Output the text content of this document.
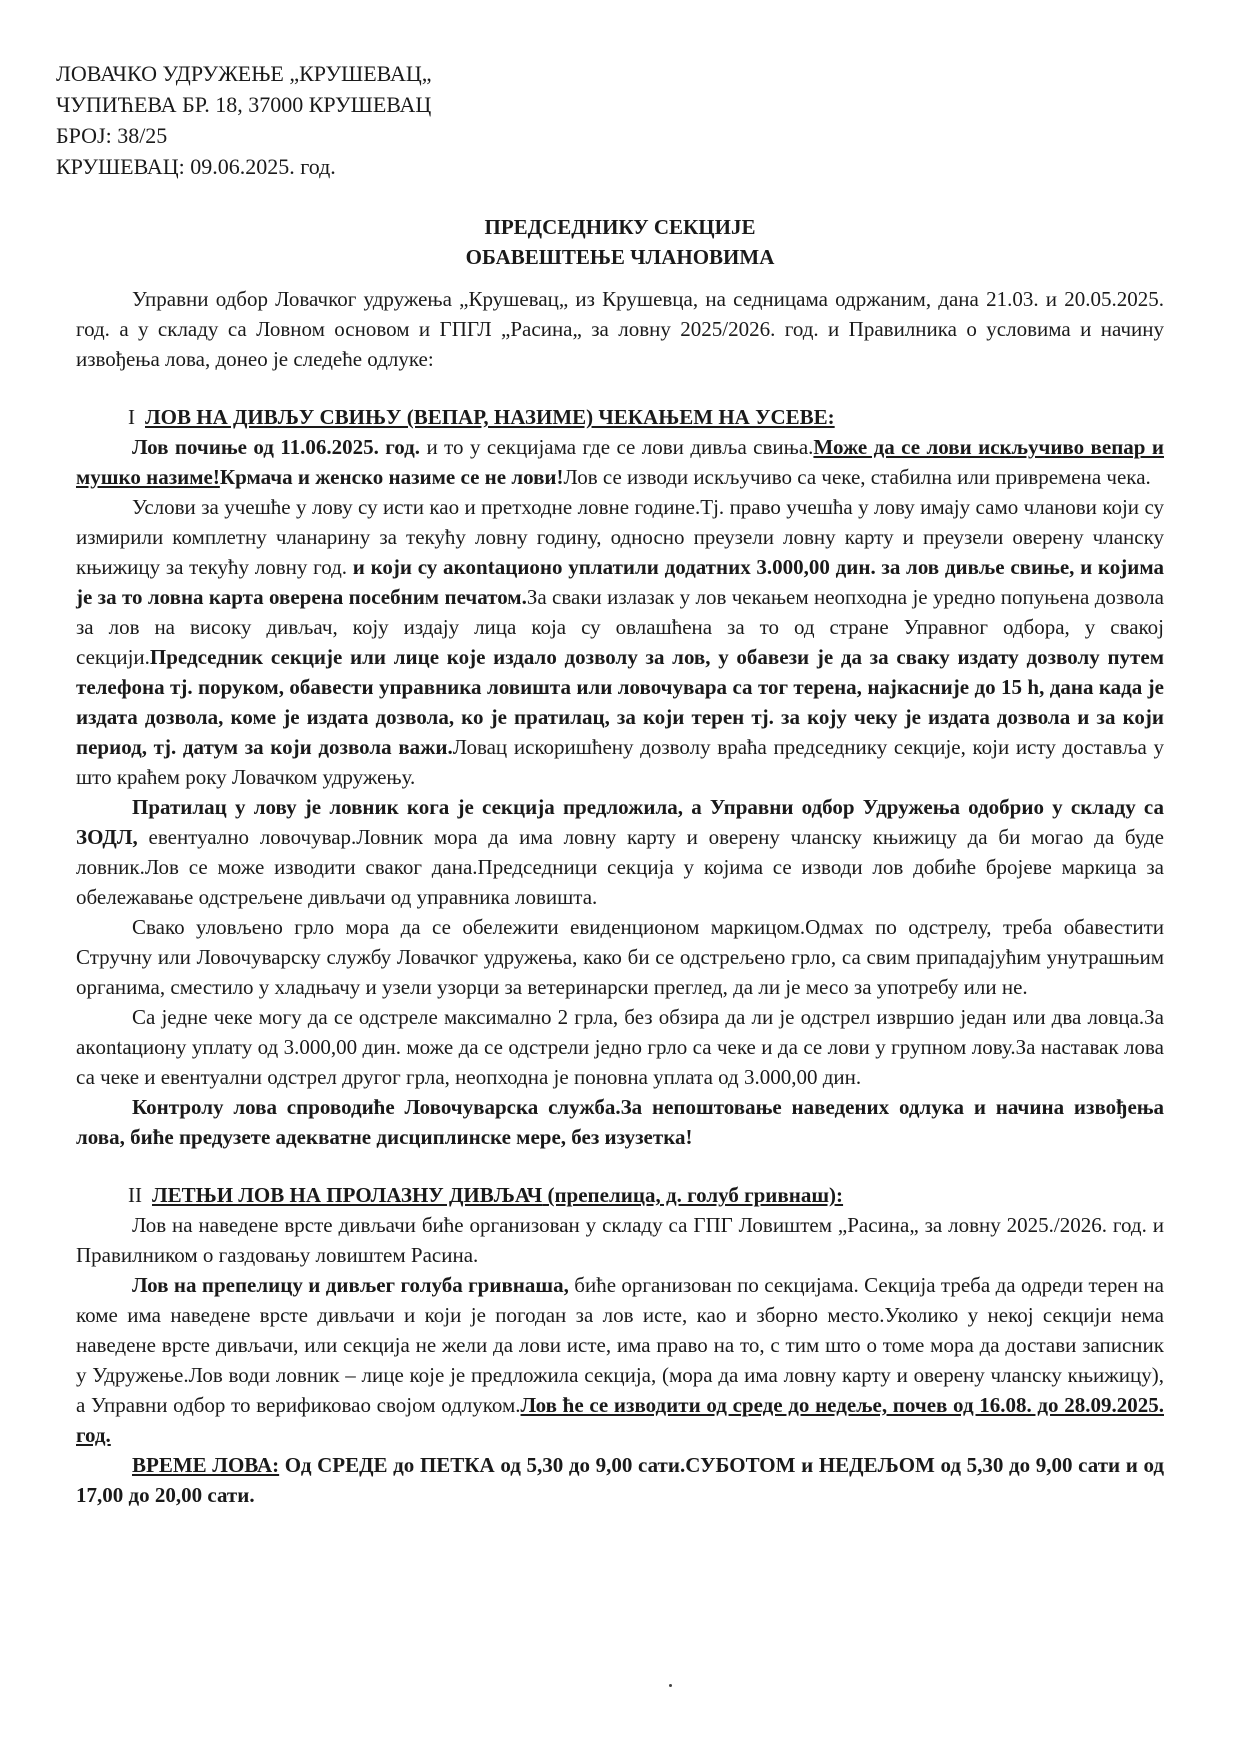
ЛОВАЧКО УДРУЖЕЊЕ „КРУШЕВАЦ„
ЧУПИЋЕВА БР. 18, 37000 КРУШЕВАЦ
БРОЈ: 38/25
КРУШЕВАЦ: 09.06.2025. год.
ПРЕДСЕДНИКУ СЕКЦИЈЕ
ОБАВЕШТЕЊЕ ЧЛАНОВИМА

Управни одбор Ловачког удружења „Крушевац„ из Крушевца, на седницама одржаним, дана 21.03. и 20.05.2025. год. а у складу са Ловном основом и ГПГЛ „Расина„ за ловну 2025/2026. год. и Правилника о условима и начину извођења лова, донео је следеће одлуке:

I ЛОВ НА ДИВЉУ СВИЊУ (ВЕПАР, НАЗИМЕ) ЧЕКАЊЕМ НА УСЕВЕ:

Лов почиње од 11.06.2025. год. и то у секцијама где се лови дивља свиња.Може да се лови искључиво вепар и мушко назиме!Крмача и женско назиме се не лови!Лов се изводи искључиво са чеке, стабилна или привремена чека.

Услови за учешће у лову су исти као и претходне ловне године.Тј. право учешћа у лову имају само чланови који су измирили комплетну чланарину за текућу ловну годину, односно преузели ловну карту и преузели оверену чланску књижицу за текућу ловну год. и који су акontационо уплатили додатних 3.000,00 дин. за лов дивље свиње, и којима је за то ловна карта оверена посебним печатом.За сваки излазак у лов чекањем неопходна је уредно попуњена дозвола за лов на високу дивљач, коју издају лица која су овлашћена за то од стране Управног одбора, у свакој секцији.Председник секције или лице које издало дозволу за лов, у обавези је да за сваку издату дозволу путем телефона тј. поруком, обавести управника ловишта или ловочувара са тог терена, најкасније до 15 h, дана када је издата дозвола, коме је издата дозвола, ко је пратилац, за који терен тј. за коју чеку је издата дозвола и за који период, тј. датум за који дозвола важи.Ловац искоришћену дозволу враћа председнику секције, који исту доставља у што краћем року Ловачком удружењу.

Пратилац у лову је ловник кога је секција предложила, а Управни одбор Удружења одобрио у складу са ЗОДЛ, евентуално ловочувар.Ловник мора да има ловну карту и оверену чланску књижицу да би могао да буде ловник.Лов се може изводити сваког дана.Председници секција у којима се изводи лов добиће бројеве маркица за обележавање одстрељене дивљачи од управника ловишта.

Свако уловљено грло мора да се обележити евиденционом маркицом.Одмах по одстрелу, треба обавестити Стручну или Ловочуварску службу Ловачког удружења, како би се одстрељено грло, са свим припадајућим унутрашњим органима, сместило у хладњачу и узели узорци за ветеринарски преглед, да ли је месо за употребу или не.

Са једне чеке могу да се одстреле максимално 2 грла, без обзира да ли је одстрел извршио један или два ловца.За акontациону уплату од 3.000,00 дин. може да се одстрели једно грло са чеке и да се лови у групном лову.За наставак лова са чеке и евентуални одстрел другог грла, неопходна је поновна уплата од 3.000,00 дин.

Контролу лова спроводиће Ловочуварска служба.За непоштовање наведених одлука и начина извођења лова, биће предузете адекватне дисциплинске мере, без изузетка!

II ЛЕТЊИ ЛОВ НА ПРОЛАЗНУ ДИВЉАЧ (препелица, д. голуб гривнаш):

Лов на наведене врсте дивљачи биће организован у складу са ГПГ Ловиштем „Расина„ за ловну 2025./2026. год. и Правилником о газдовању ловиштем Расина.

Лов на препелицу и дивљег голуба гривнаша, биће организован по секцијама. Секција треба да одреди терен на коме има наведене врсте дивљачи и који је погодан за лов исте, као и зборно место.Уколико у некој секцији нема наведене врсте дивљачи, или секција не жели да лови исте, има право на то, с тим што о томе мора да достави записник у Удружење.Лов води ловник – лице које је предложила секција, (мора да има ловну карту и оверену чланску књижицу), а Управни одбор то верификовао својом одлуком.Лов ће се изводити од среде до недеље, почев од 16.08. до 28.09.2025. год.

ВРЕМЕ ЛОВА: Од СРЕДЕ до ПЕТКА од 5,30 до 9,00 сати.СУБОТОМ и НЕДЕЉОМ од 5,30 до 9,00 сати и од 17,00 до 20,00 сати.
